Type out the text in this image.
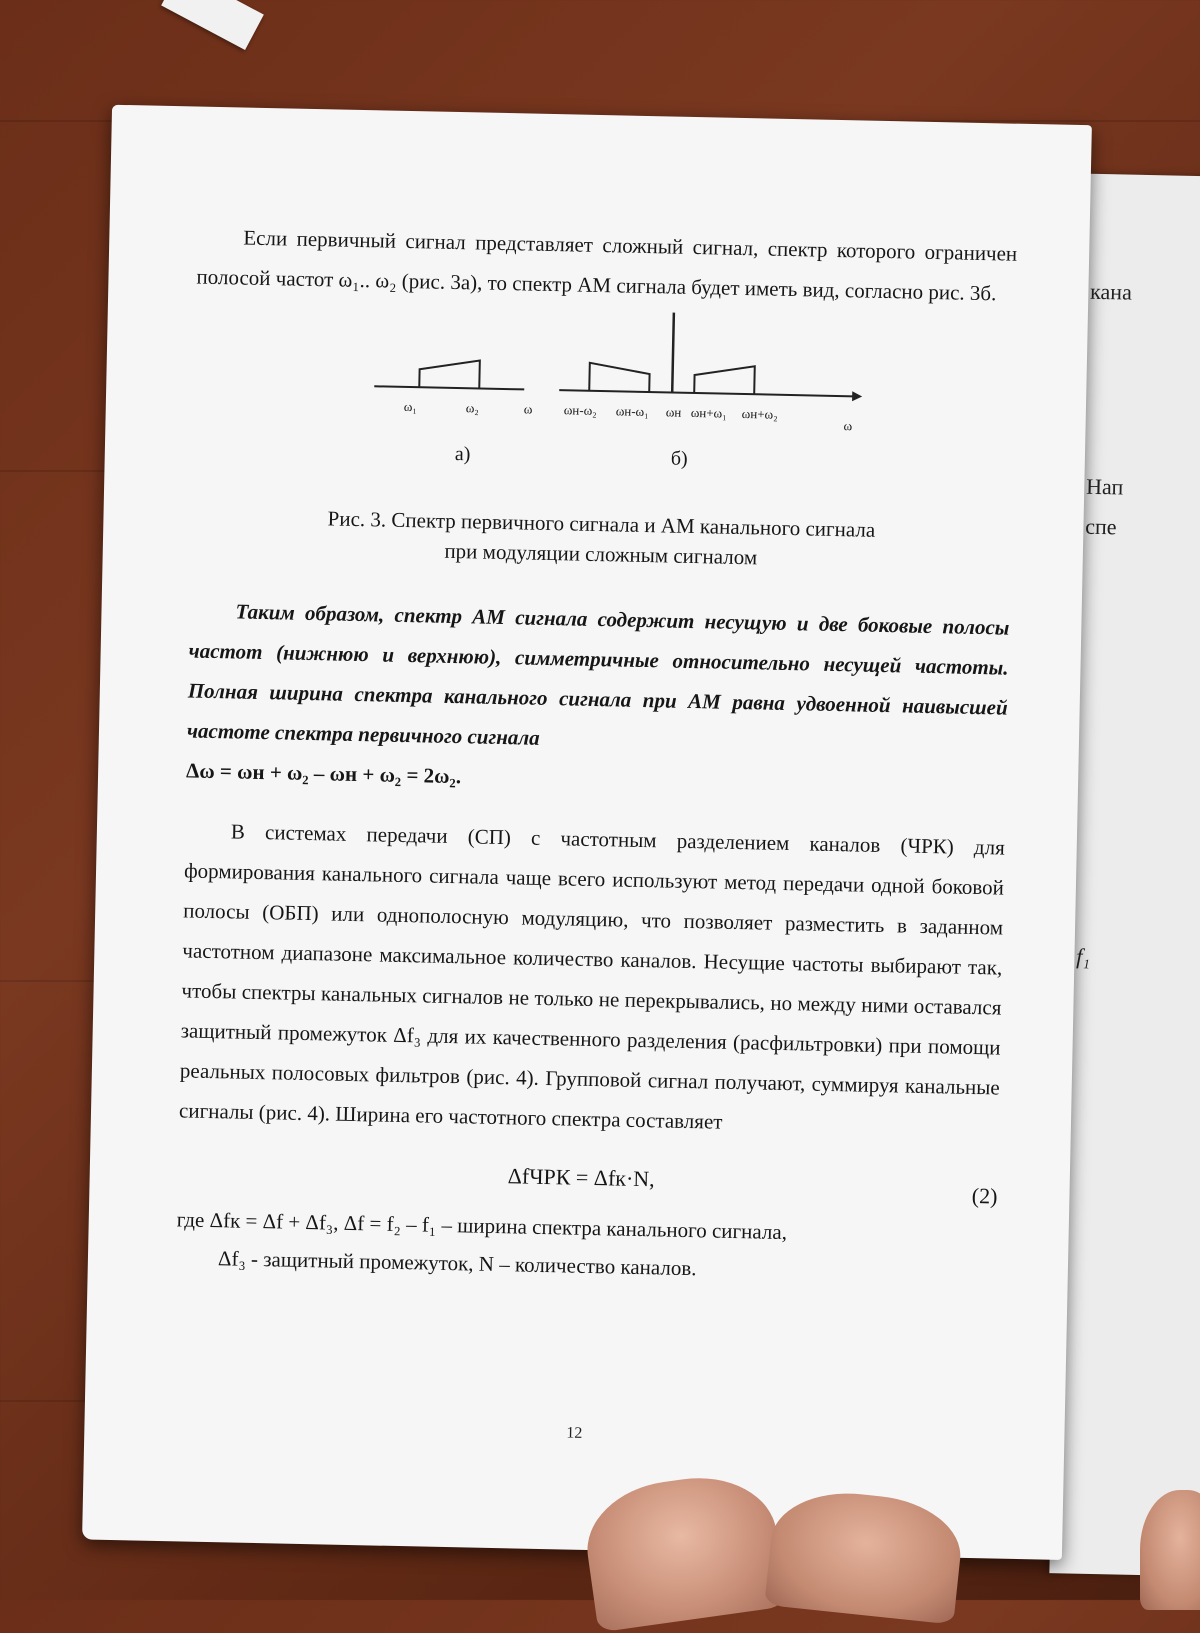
кана
Нап
спе
f₁

Если первичный сигнал представляет сложный сигнал, спектр которого ограничен полосой частот ω₁.. ω₂ (рис. 3а), то спектр АМ сигнала будет иметь вид, согласно рис. 3б.

ω₁	ω₂	ω ωн-ω₂ ωн-ω₁ ωн ωн+ω₁ ωн+ω₂
ω
а)	б)
Рис. 3. Спектр первичного сигнала и АМ канального сигнала
при модуляции сложным сигналом

Таким образом, спектр АМ сигнала содержит несущую и две боковые полосы частот (нижнюю и верхнюю), симметричные относительно несущей частоты. Полная ширина спектра канального сигнала при АМ равна удвоенной наивысшей частоте спектра первичного сигнала

Δω = ωн + ω₂ – ωн + ω₂ = 2ω₂.

В системах передачи (СП) с частотным разделением каналов (ЧРК) для формирования канального сигнала чаще всего используют метод передачи одной боковой полосы (ОБП) или однополосную модуляцию, что позволяет разместить в заданном частотном диапазоне максимальное количество каналов. Несущие частоты выбирают так, чтобы спектры канальных сигналов не только не перекрывались, но между ними оставался защитный промежуток Δf₃ для их качественного разделения (расфильтровки) при помощи реальных полосовых фильтров (рис. 4). Групповой сигнал получают, суммируя канальные сигналы (рис. 4). Ширина его частотного спектра составляет

ΔfЧРК = Δfк·N,
(2)
где Δfк = Δf + Δf₃, Δf = f₂ – f₁ – ширина спектра канального сигнала,
Δf₃ - защитный промежуток, N – количество каналов.
12
